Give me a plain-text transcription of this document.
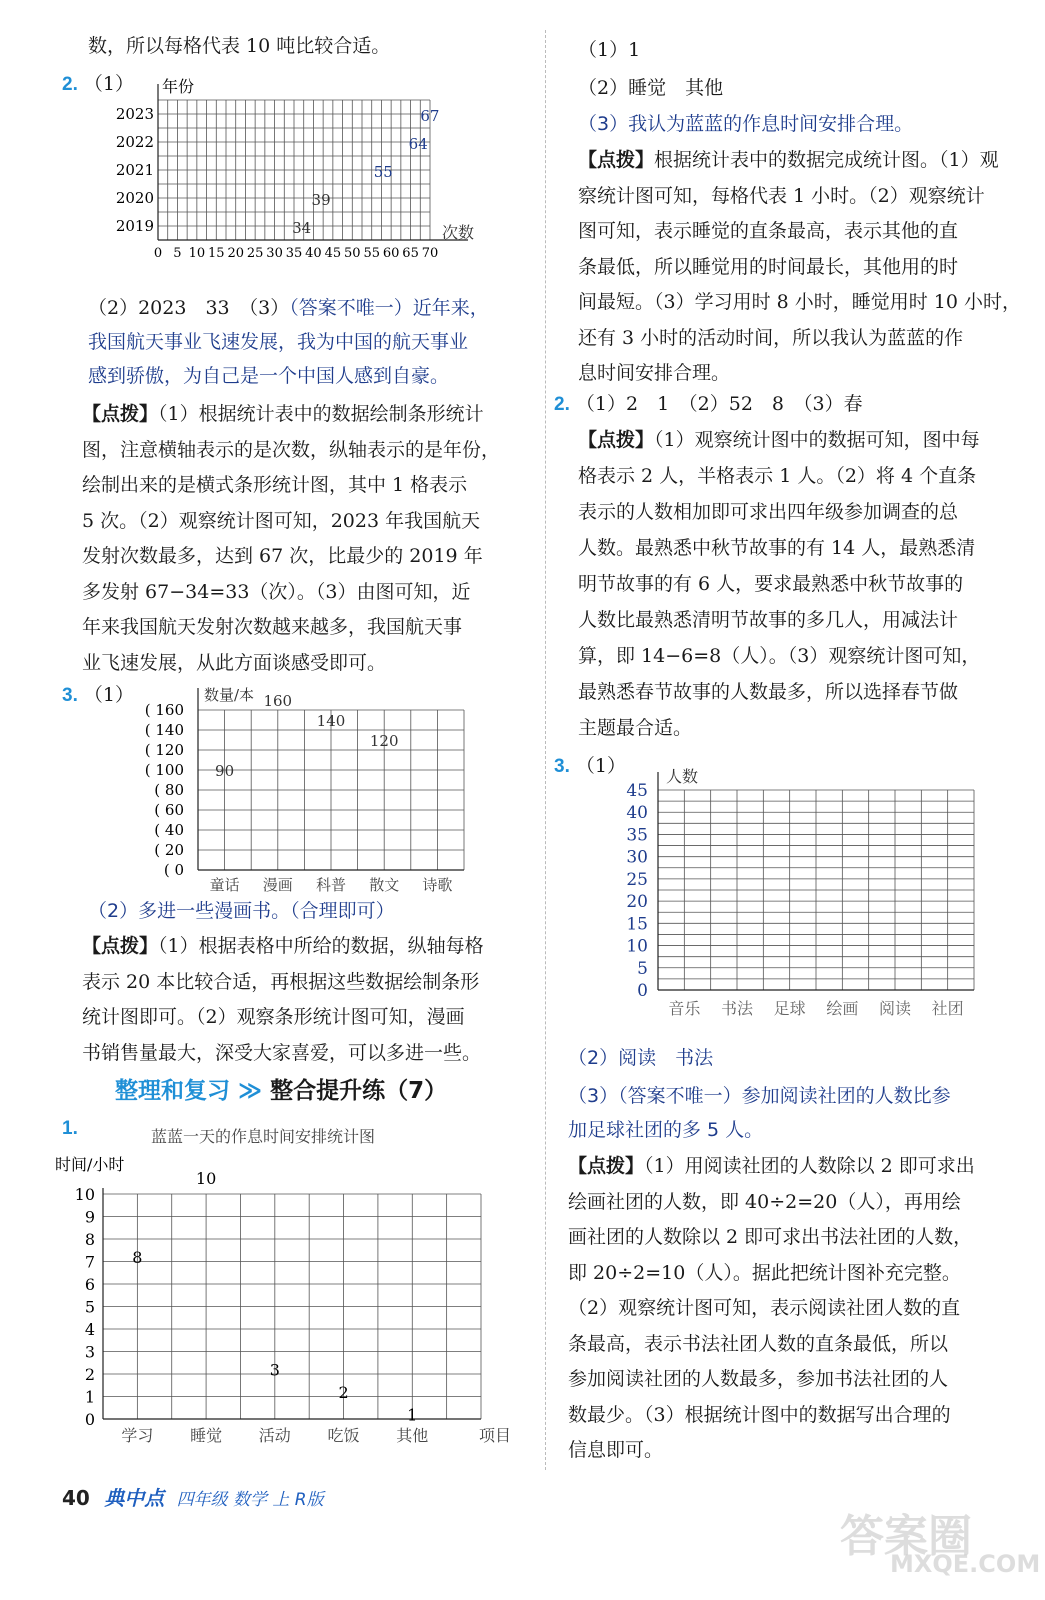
数，所以每格代表 10 吨比较合适。
2. （1） 年份
次数
2019	34
2020	39
2021	55
2022	64
2023	67
0 5 10 15 20 25 30 35 40 45 50 55 60 65 70
（2）2023　33　（3）（答案不唯一）近年来，
我国航天事业飞速发展，我为中国的航天事业
感到骄傲，为自己是一个中国人感到自豪。
【点拨】（1）根据统计表中的数据绘制条形统计
图，注意横轴表示的是次数，纵轴表示的是年份，
绘制出来的是横式条形统计图，其中 1 格表示
5 次。（2）观察统计图可知，2023 年我国航天
发射次数最多，达到 67 次，比最少的 2019 年
多发射 67−34=33（次）。（3）由图可知，近
年来我国航天发射次数越来越多，我国航天事
业飞速发展，从此方面谈感受即可。
3. （1）	数量/本
( 0
( 20
( 40
( 60
( 80
( 100
( 120
( 140
( 160
童话
90
漫画
160
科普
140
散文
120
诗歌
（2）多进一些漫画书。（合理即可）
【点拨】（1）根据表格中所给的数据，纵轴每格
表示 20 本比较合适，再根据这些数据绘制条形
统计图即可。（2）观察条形统计图可知，漫画
书销售量最大，深受大家喜爱，可以多进一些。
整理和复习 ≫ 整合提升练（7）
1.	蓝蓝一天的作息时间安排统计图
时间/小时
0
1
2
3
4
5
6
7
8
9
10
学习
8
睡觉
10
活动
3
吃饭
2
其他
1
项目
（1）1
（2）睡觉　其他
（3）我认为蓝蓝的作息时间安排合理。
【点拨】根据统计表中的数据完成统计图。（1）观
察统计图可知，每格代表 1 小时。（2）观察统计
图可知，表示睡觉的直条最高，表示其他的直
条最低，所以睡觉用的时间最长，其他用的时
间最短。（3）学习用时 8 小时，睡觉用时 10 小时，
还有 3 小时的活动时间，所以我认为蓝蓝的作
息时间安排合理。
2. （1）2　1　（2）52　8　（3）春
【点拨】（1）观察统计图中的数据可知，图中每
格表示 2 人，半格表示 1 人。（2）将 4 个直条
表示的人数相加即可求出四年级参加调查的总
人数。最熟悉中秋节故事的有 14 人，最熟悉清
明节故事的有 6 人，要求最熟悉中秋节故事的
人数比最熟悉清明节故事的多几人，用减法计
算，即 14−6=8（人）。（3）观察统计图可知，
最熟悉春节故事的人数最多，所以选择春节做
主题最合适。
3. （1）	人数
0
5
10
15
20
25
30
35
40
45
音乐 书法 足球 绘画 阅读 社团
（2）阅读　书法
（3）（答案不唯一）参加阅读社团的人数比参
加足球社团的多 5 人。
【点拨】（1）用阅读社团的人数除以 2 即可求出
绘画社团的人数，即 40÷2=20（人），再用绘
画社团的人数除以 2 即可求出书法社团的人数，
即 20÷2=10（人）。据此把统计图补充完整。
（2）观察统计图可知，表示阅读社团人数的直
条最高，表示书法社团人数的直条最低，所以
参加阅读社团的人数最多，参加书法社团的人
数最少。（3）根据统计图中的数据写出合理的
信息即可。
40 典中点 四年级 数学 上 R版
答案圈
MXQE.COM
